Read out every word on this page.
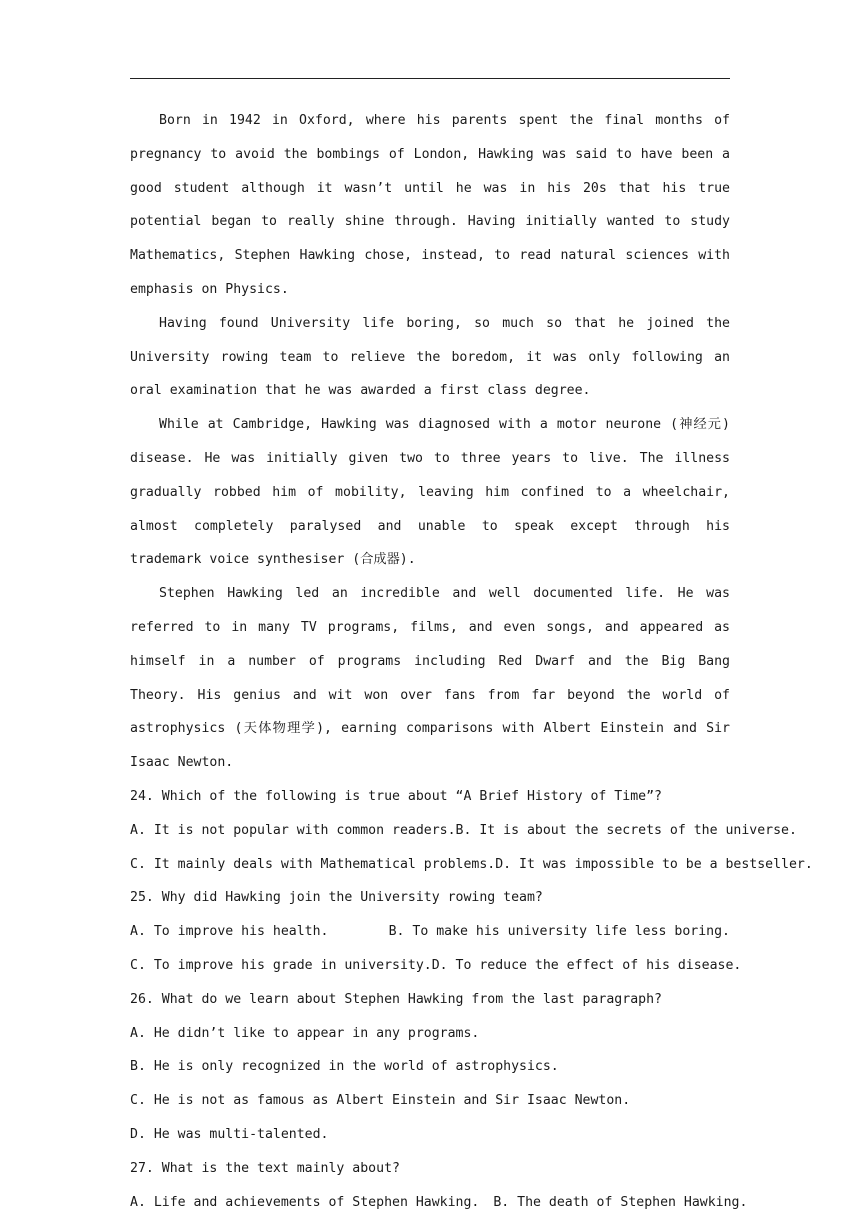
Born in 1942 in Oxford, where his parents spent the final months of pregnancy to avoid the bombings of London, Hawking was said to have been a good student although it wasn’t until he was in his 20s that his true potential began to really shine through. Having initially wanted to study Mathematics, Stephen Hawking chose, instead, to read natural sciences with emphasis on Physics.

Having found University life boring, so much so that he joined the University rowing team to relieve the boredom, it was only following an oral examination that he was awarded a first class degree.

While at Cambridge, Hawking was diagnosed with a motor neurone (神经元) disease. He was initially given two to three years to live. The illness gradually robbed him of mobility, leaving him confined to a wheelchair, almost completely paralysed and unable to speak except through his trademark voice synthesiser (合成器).

Stephen Hawking led an incredible and well documented life. He was referred to in many TV programs, films, and even songs, and appeared as himself in a number of programs including Red Dwarf and the Big Bang Theory. His genius and wit won over fans from far beyond the world of astrophysics (天体物理学), earning comparisons with Albert Einstein and Sir Isaac Newton.

24. Which of the following is true about “A Brief History of Time”?

A. It is not popular with common readers. B. It is about the secrets of the universe.
C. It mainly deals with Mathematical problems. D. It was impossible to be a bestseller.

25. Why did Hawking join the University rowing team?

A. To improve his health.	B. To make his university life less boring.
C. To improve his grade in university. D. To reduce the effect of his disease.

26. What do we learn about Stephen Hawking from the last paragraph?

A. He didn’t like to appear in any programs.

B. He is only recognized in the world of astrophysics.

C. He is not as famous as Albert Einstein and Sir Isaac Newton.

D. He was multi-talented.

27. What is the text mainly about?

A. Life and achievements of Stephen Hawking. B. The death of Stephen Hawking.
